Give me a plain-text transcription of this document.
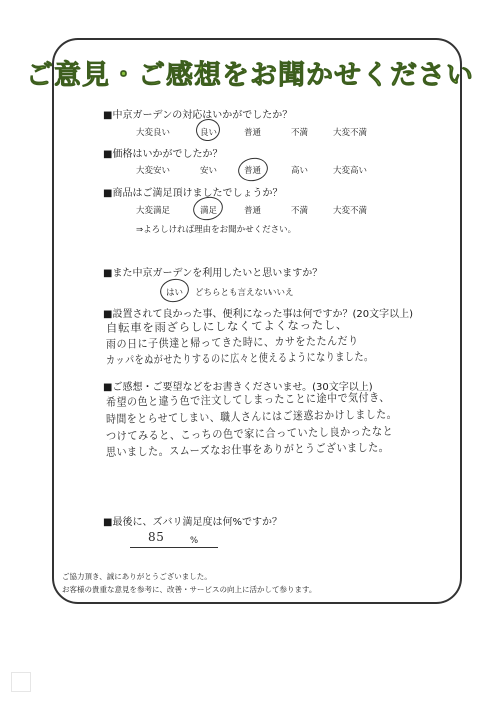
ご意見・ご感想をお聞かせください
■中京ガーデンの対応はいかがでしたか？
大変良い	良い	普通	不満	大変不満
■価格はいかがでしたか？
大変安い	安い	普通	高い	大変高い
■商品はご満足頂けましたでしょうか？
大変満足	満足	普通	不満	大変不満
⇒よろしければ理由をお聞かせください。
■また中京ガーデンを利用したいと思いますか？
はい どちらとも言えない
いいえ
■設置されて良かった事、便利になった事は何ですか？(20文字以上)
自転車を雨ざらしにしなくてよくなったし、
雨の日に子供達と帰ってきた時に、カサをたたんだり
カッパをぬがせたりするのに広々と使えるようになりました。
■ご感想・ご要望などをお書きくださいませ。(30文字以上)
希望の色と違う色で注文してしまったことに途中で気付き、
時間をとらせてしまい、職人さんにはご迷惑おかけしました。
つけてみると、こっちの色で家に合っていたし良かったなと
思いました。スムーズなお仕事をありがとうございました。
■最後に、ズバリ満足度は何%ですか？
85	%
ご協力頂き、誠にありがとうございました。
お客様の貴重な意見を参考に、改善・サービスの向上に活かして参ります。
